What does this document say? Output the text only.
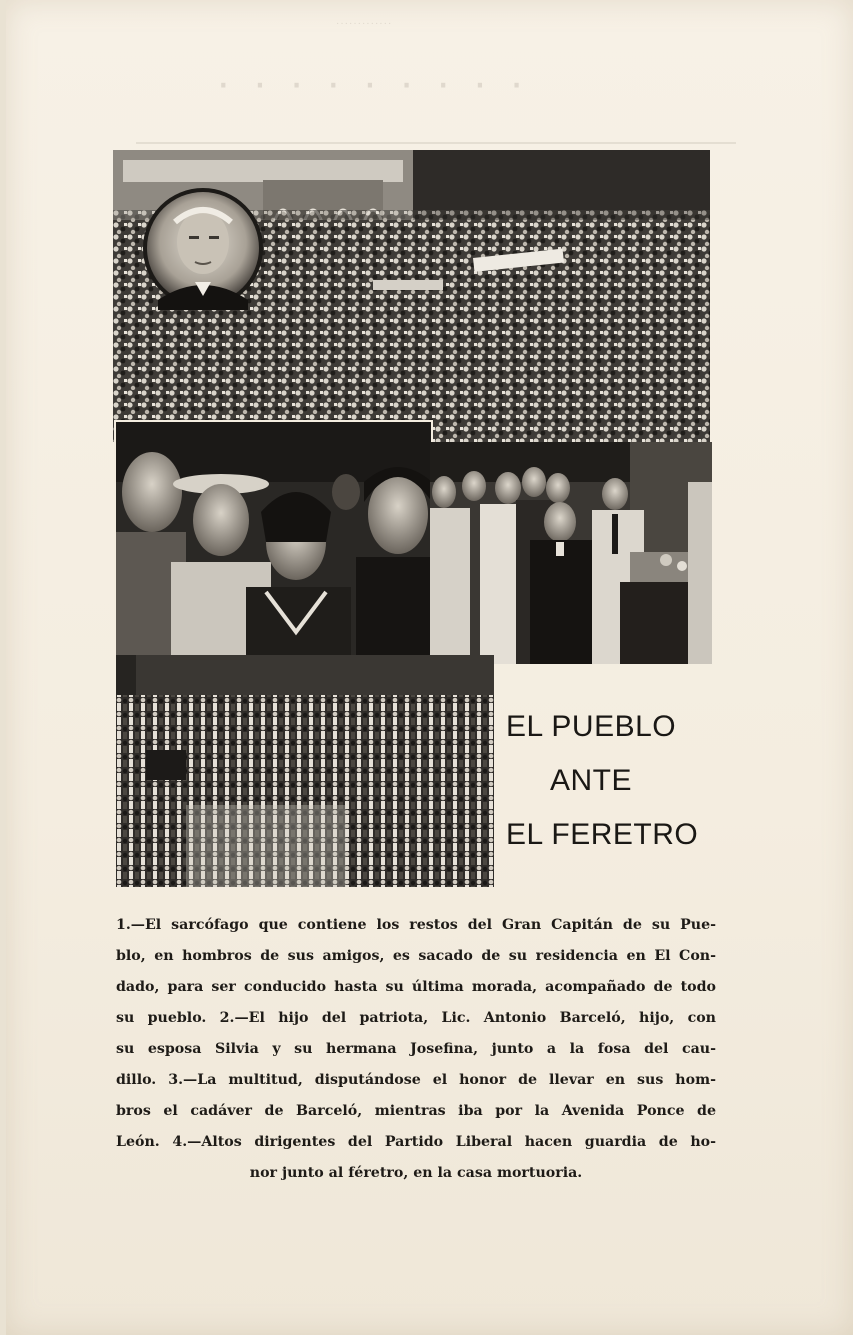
·············
·········
EL PUEBLO
ANTE
EL FERETRO
1.—El sarcófago que contiene los restos del Gran Capitán de su Pue-
blo, en hombros de sus amigos, es sacado de su residencia en El Con-
dado, para ser conducido hasta su última morada, acompañado de todo
su pueblo. 2.—El hijo del patriota, Lic. Antonio Barceló, hijo, con
su esposa Silvia y su hermana Josefina, junto a la fosa del cau-
dillo. 3.—La multitud, disputándose el honor de llevar en sus hom-
bros el cadáver de Barceló, mientras iba por la Avenida Ponce de
León. 4.—Altos dirigentes del Partido Liberal hacen guardia de ho-
nor junto al féretro, en la casa mortuoria.
